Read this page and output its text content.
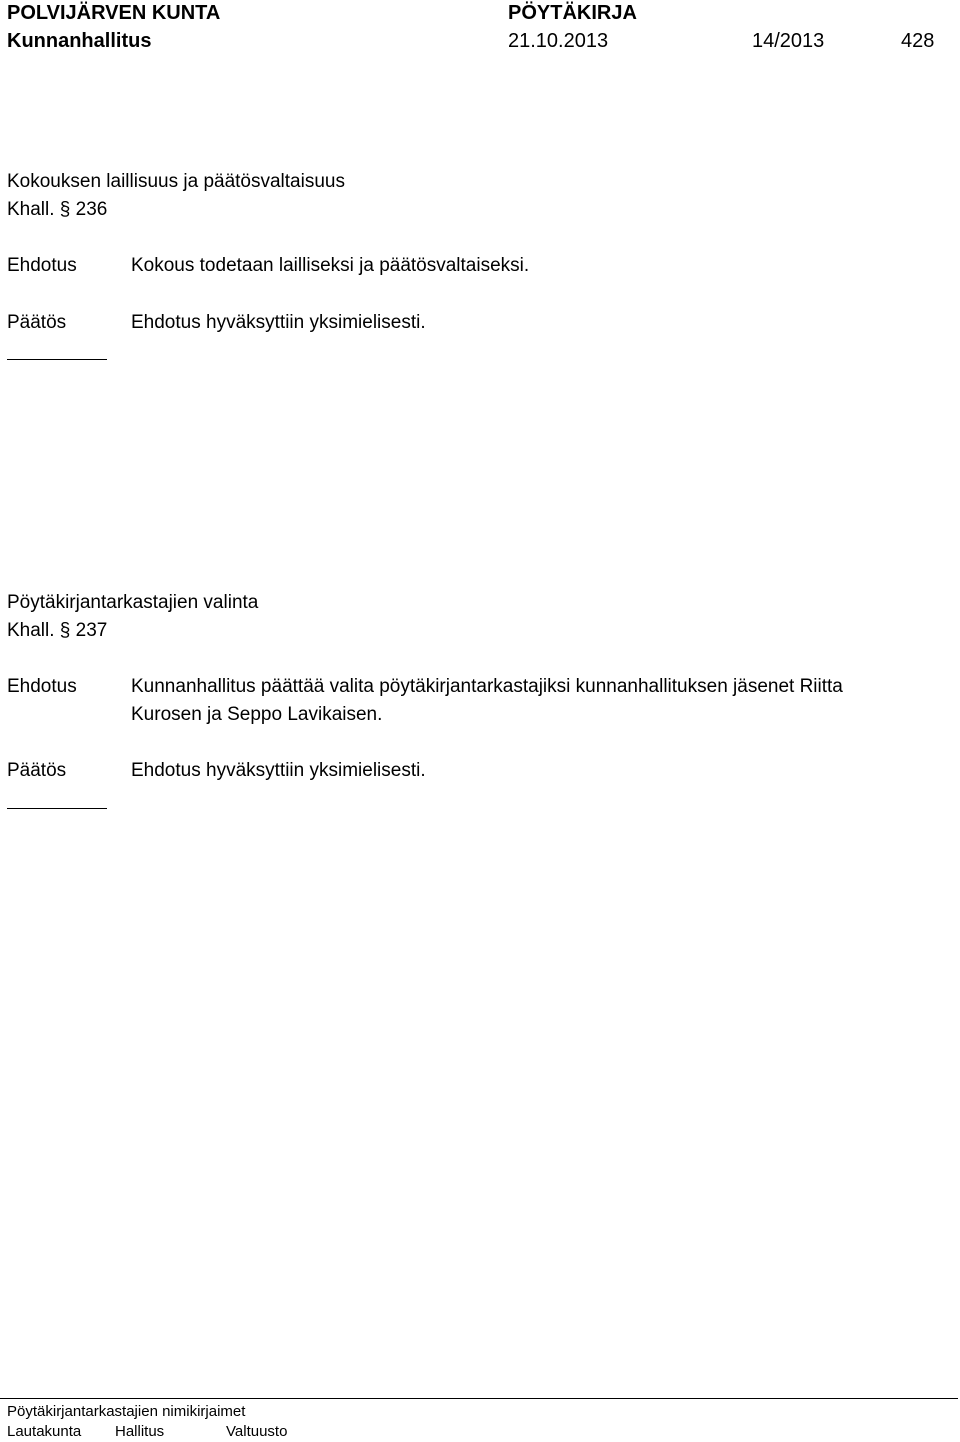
POLVIJÄRVEN KUNTA	PÖYTÄKIRJA
Kunnanhallitus	21.10.2013	14/2013	428
Kokouksen laillisuus ja päätösvaltaisuus
Khall. § 236
Ehdotus	Kokous todetaan lailliseksi ja päätösvaltaiseksi.
Päätös	Ehdotus hyväksyttiin yksimielisesti.
Pöytäkirjantarkastajien valinta
Khall. § 237
Ehdotus	Kunnanhallitus päättää valita pöytäkirjantarkastajiksi kunnanhallituksen jäsenet Riitta
Kurosen ja Seppo Lavikaisen.
Päätös	Ehdotus hyväksyttiin yksimielisesti.
Pöytäkirjantarkastajien nimikirjaimet
Lautakunta Hallitus	Valtuusto
